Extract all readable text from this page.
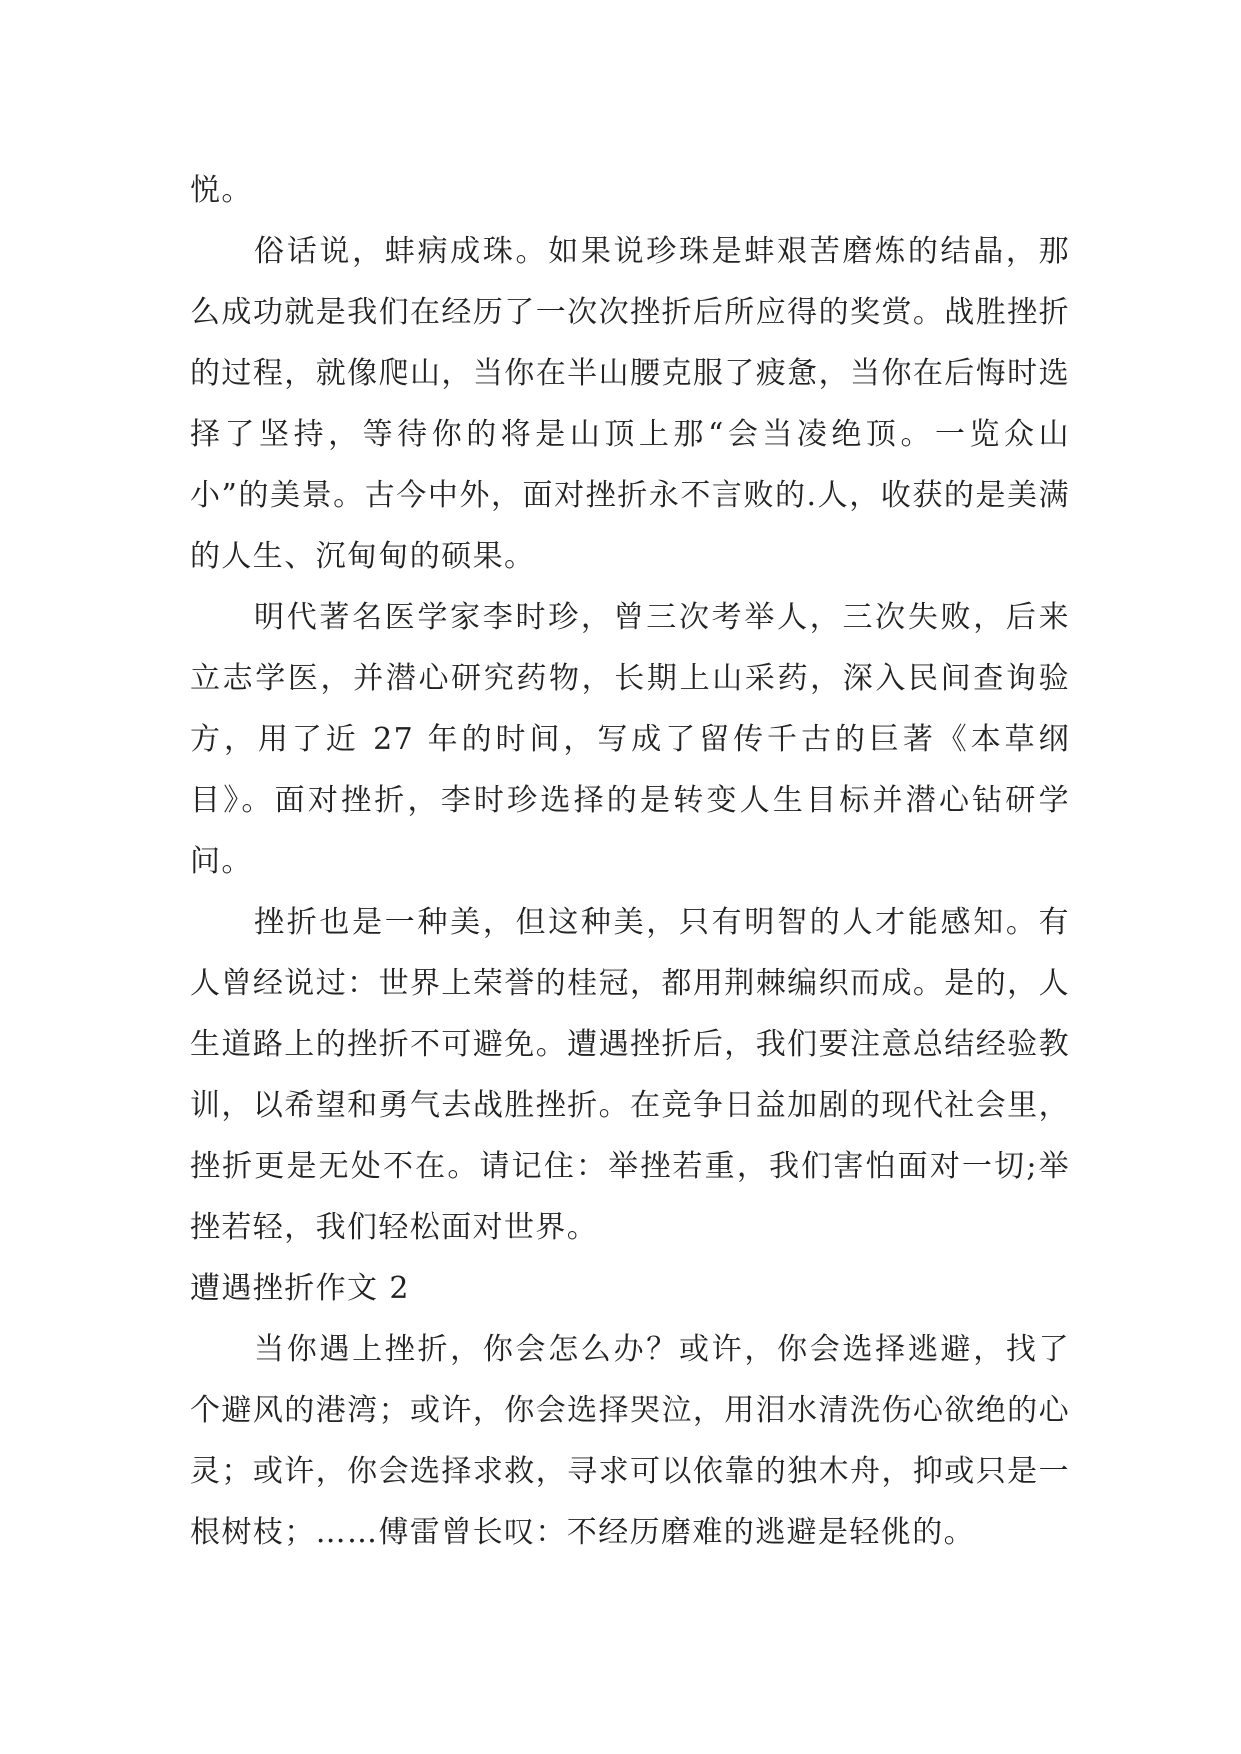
悦。

俗话说，蚌病成珠。如果说珍珠是蚌艰苦磨炼的结晶，那么成功就是我们在经历了一次次挫折后所应得的奖赏。战胜挫折的过程，就像爬山，当你在半山腰克服了疲惫，当你在后悔时选择了坚持，等待你的将是山顶上那“会当凌绝顶。一览众山小”的美景。古今中外，面对挫折永不言败的.人，收获的是美满的人生、沉甸甸的硕果。

明代著名医学家李时珍，曾三次考举人，三次失败，后来立志学医，并潜心研究药物，长期上山采药，深入民间查询验方，用了近 27 年的时间，写成了留传千古的巨著《本草纲目》。面对挫折，李时珍选择的是转变人生目标并潜心钻研学问。

挫折也是一种美，但这种美，只有明智的人才能感知。有人曾经说过：世界上荣誉的桂冠，都用荆棘编织而成。是的，人生道路上的挫折不可避免。遭遇挫折后，我们要注意总结经验教训，以希望和勇气去战胜挫折。在竞争日益加剧的现代社会里，挫折更是无处不在。请记住：举挫若重，我们害怕面对一切;举挫若轻，我们轻松面对世界。

遭遇挫折作文 2

当你遇上挫折，你会怎么办？或许，你会选择逃避，找了个避风的港湾；或许，你会选择哭泣，用泪水清洗伤心欲绝的心灵；或许，你会选择求救，寻求可以依靠的独木舟，抑或只是一根树枝；……傅雷曾长叹：不经历磨难的逃避是轻佻的。
